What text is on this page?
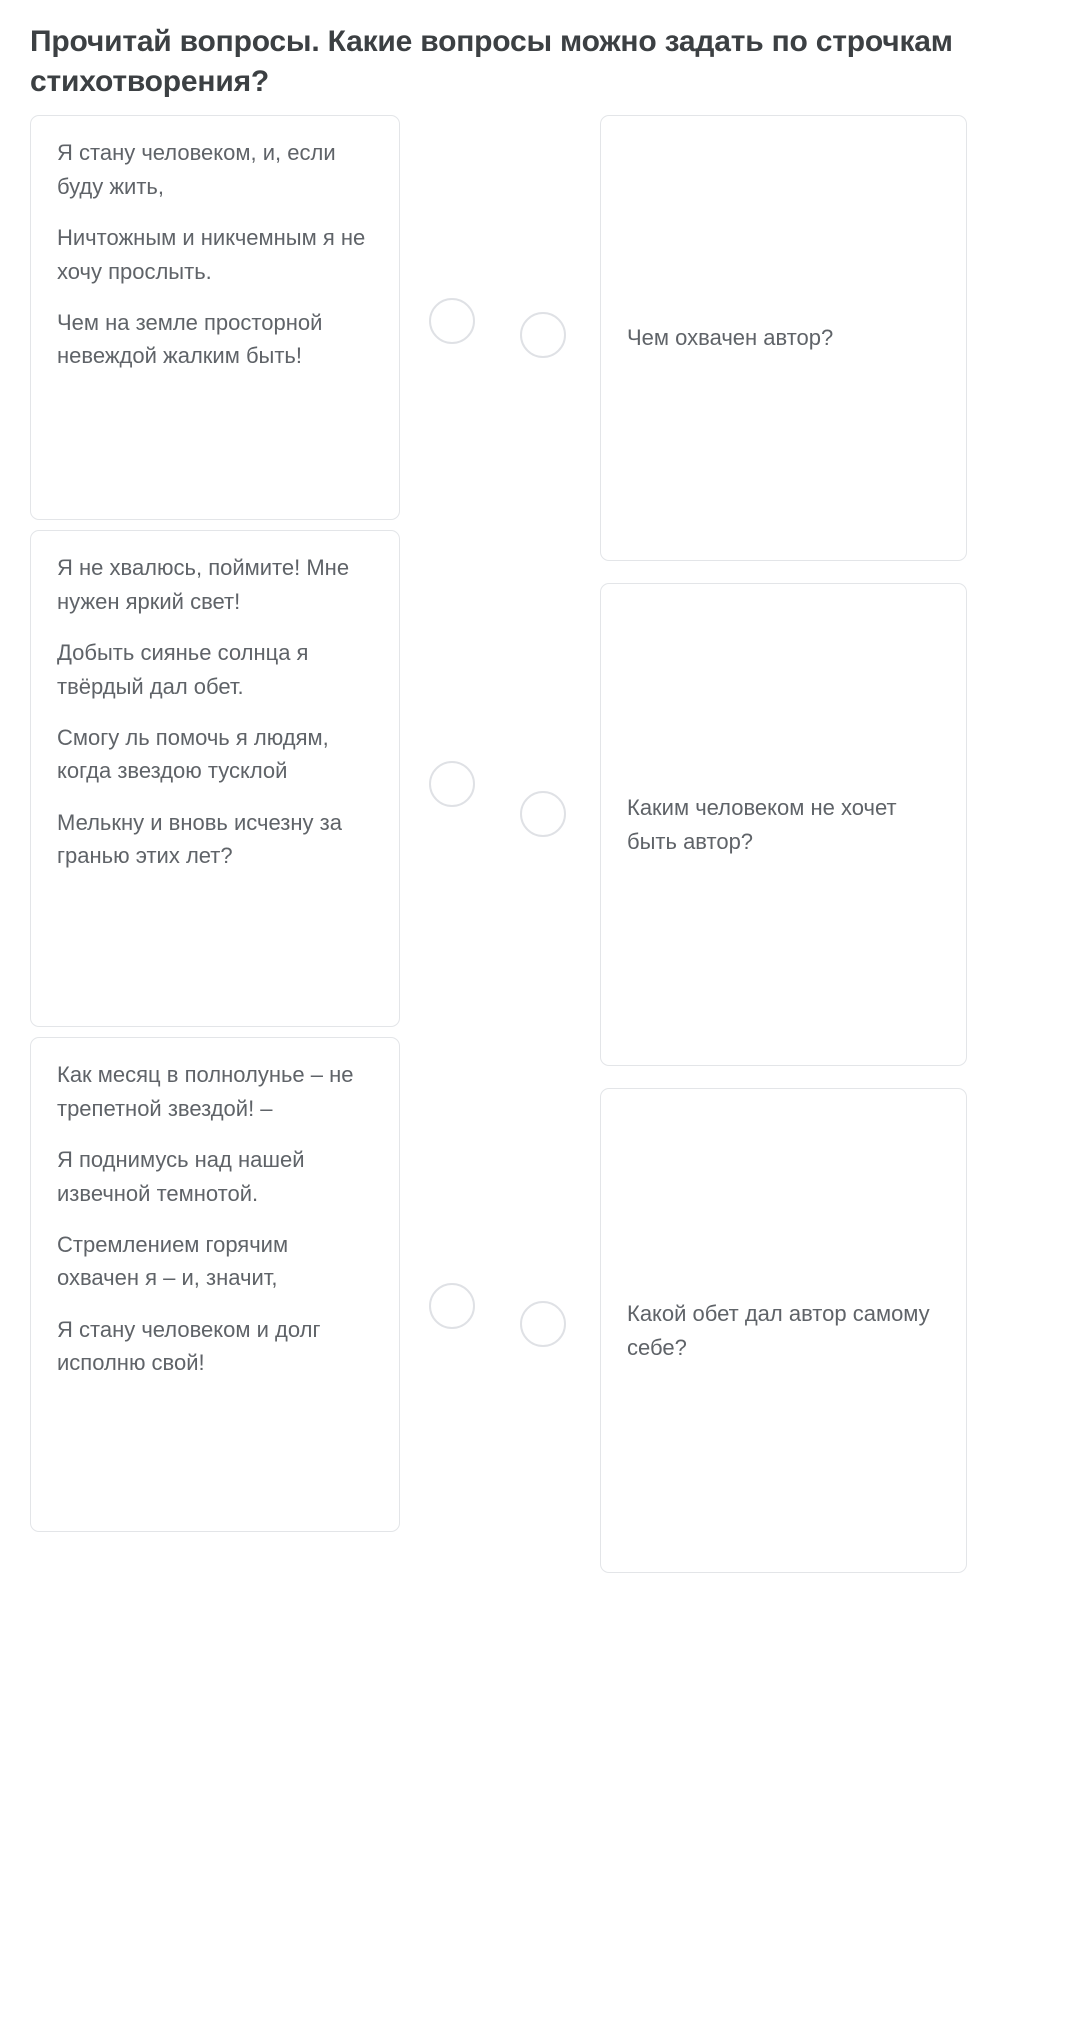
Прочитай вопросы. Какие вопросы можно задать по строчкам стихотворения?

Я стану человеком, и, если буду жить,

Ничтожным и никчемным я не хочу прослыть.

Чем на земле просторной невеждой жалким быть!

Я не хвалюсь, поймите! Мне нужен яркий свет!

Добыть сиянье солнца я твёрдый дал обет.

Смогу ль помочь я людям, когда звездою тусклой

Мелькну и вновь исчезну за гранью этих лет?

Как месяц в полнолунье – не трепетной звездой! –

Я поднимусь над нашей извечной темнотой.

Стремлением горячим охвачен я – и, значит,

Я стану человеком и долг исполню свой!

Чем охвачен автор?
Каким человеком не хочет быть автор?
Какой обет дал автор самому себе?
